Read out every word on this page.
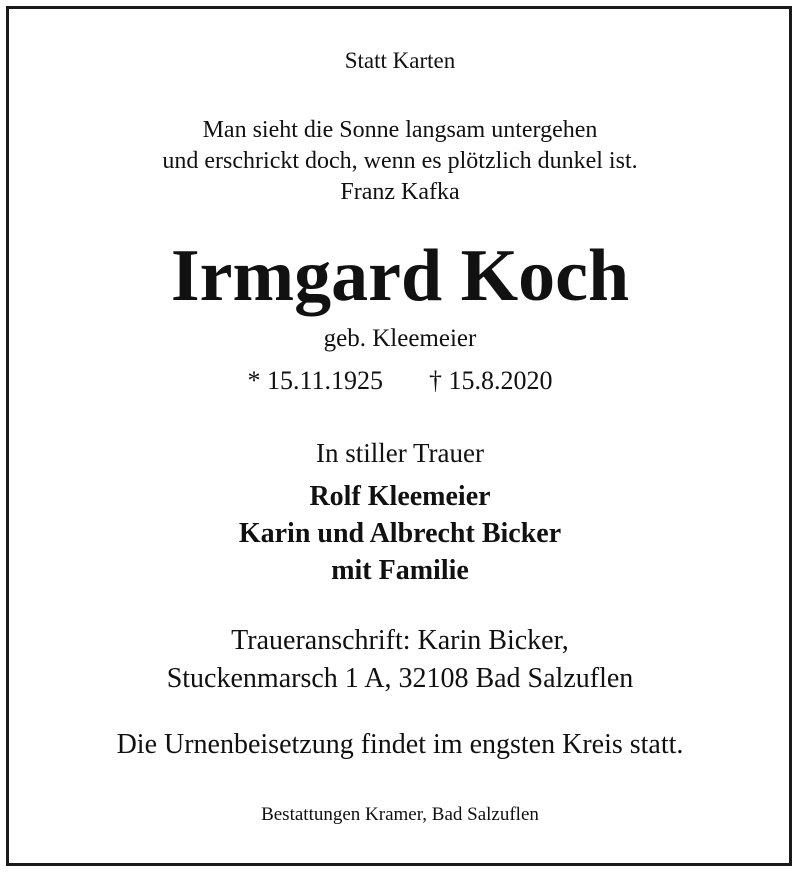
Statt Karten
Man sieht die Sonne langsam untergehen
und erschrickt doch, wenn es plötzlich dunkel ist.
Franz Kafka
Irmgard Koch
geb. Kleemeier
* 15.11.1925 † 15.8.2020
In stiller Trauer
Rolf Kleemeier
Karin und Albrecht Bicker
mit Familie
Traueranschrift: Karin Bicker,
Stuckenmarsch 1 A, 32108 Bad Salzuflen
Die Urnenbeisetzung findet im engsten Kreis statt.
Bestattungen Kramer, Bad Salzuflen
